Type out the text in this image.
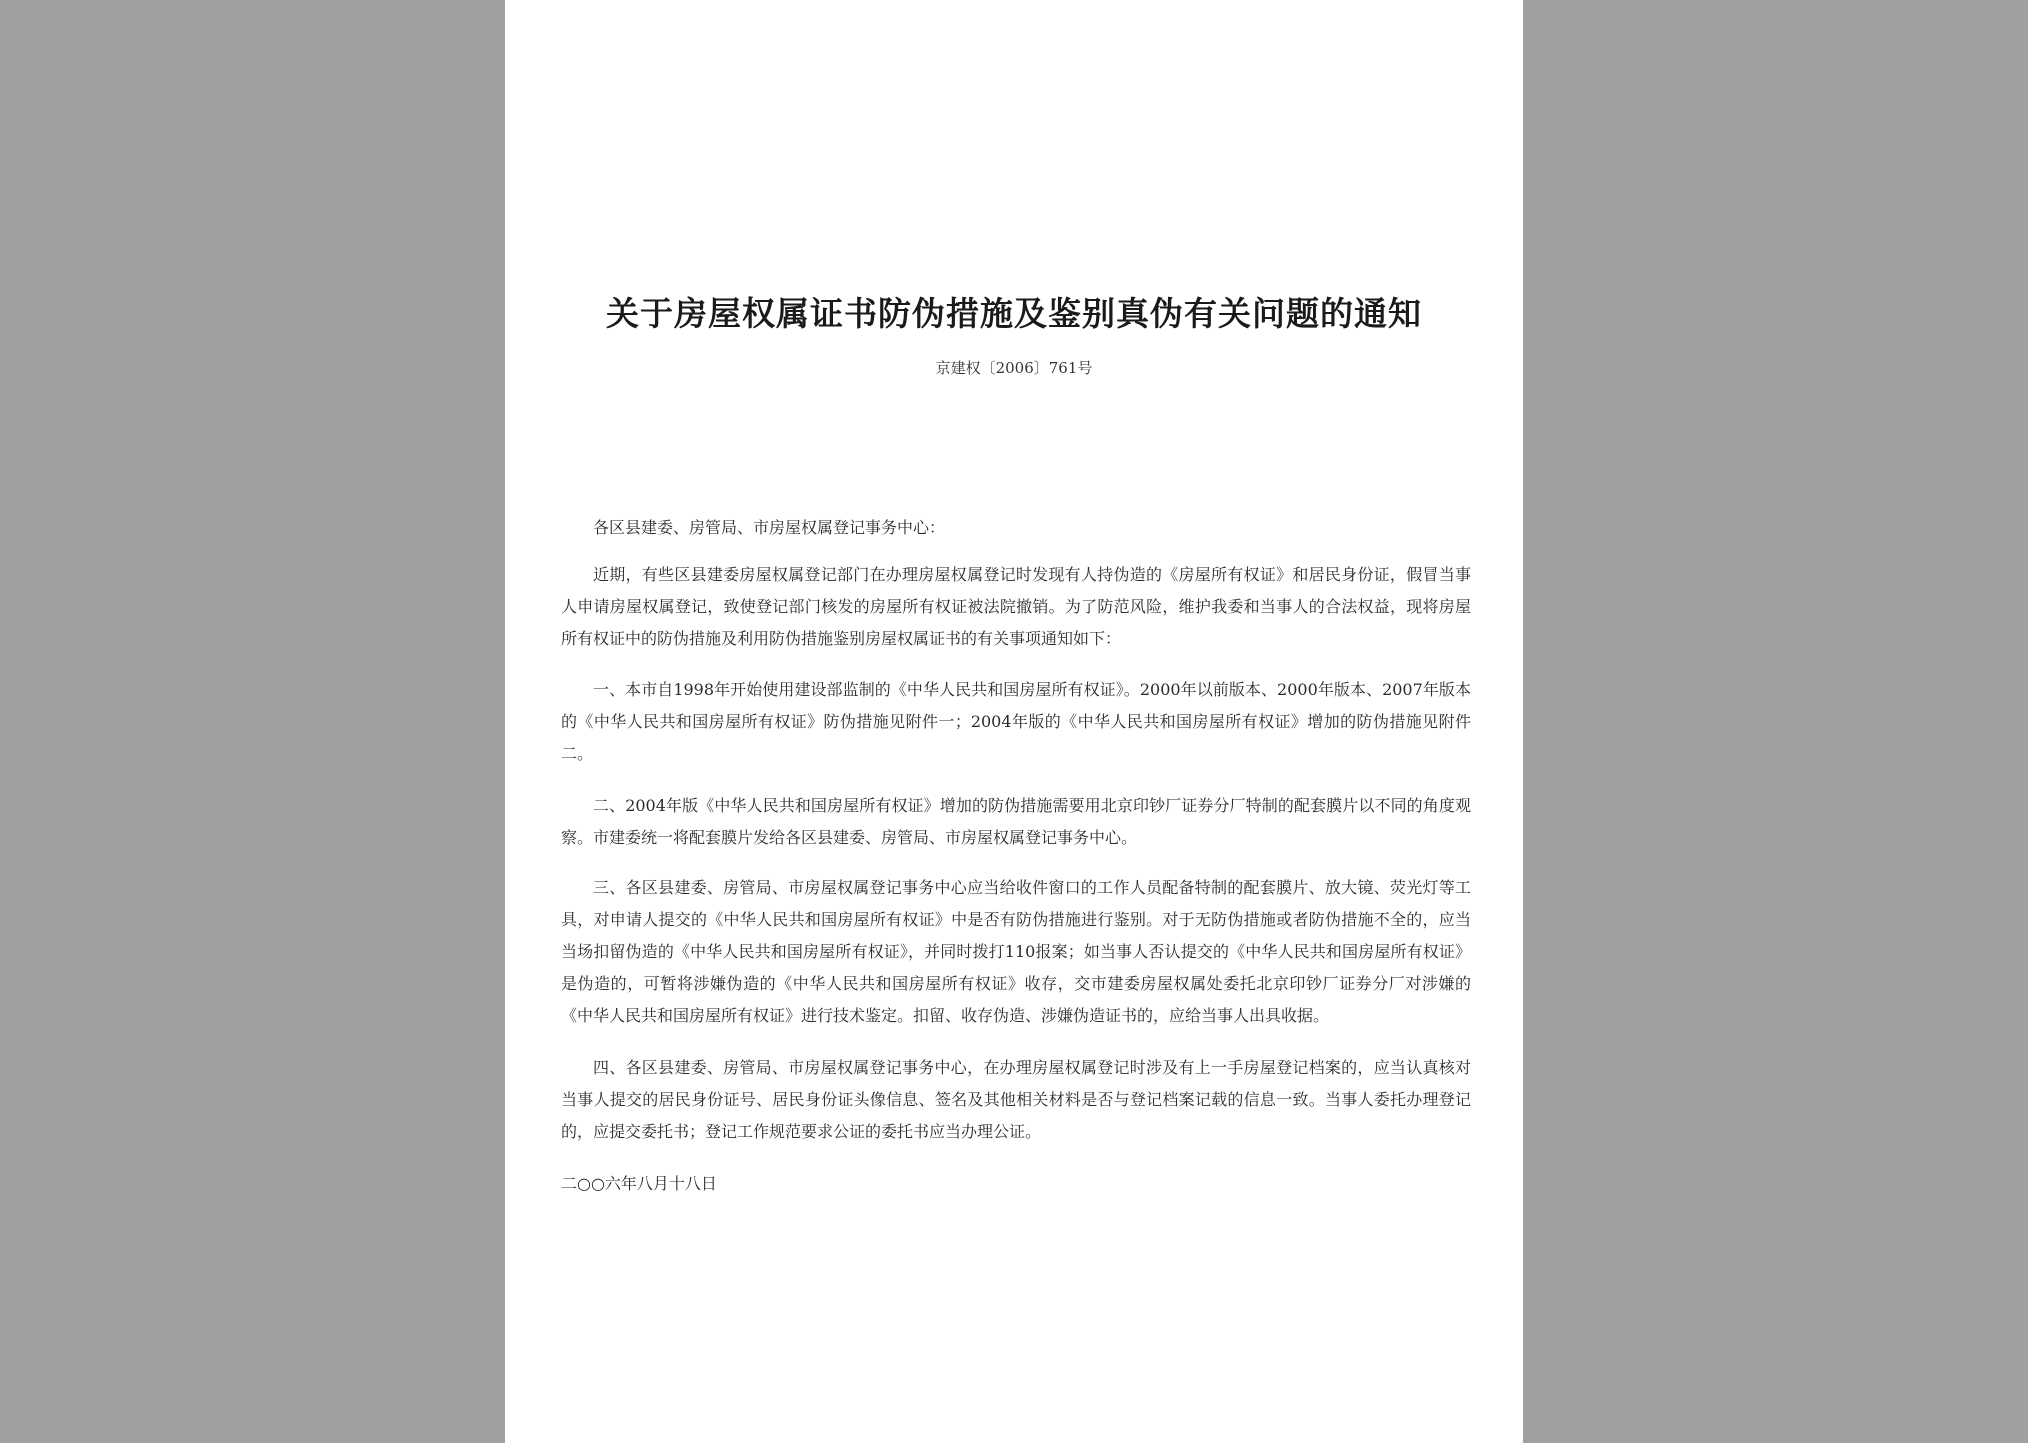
关于房屋权属证书防伪措施及鉴别真伪有关问题的通知
京建权〔2006〕761号
各区县建委、房管局、市房屋权属登记事务中心：
近期，有些区县建委房屋权属登记部门在办理房屋权属登记时发现有人持伪造的《房屋所有权证》和居民身份证，假冒当事人申请房屋权属登记，致使登记部门核发的房屋所有权证被法院撤销。为了防范风险，维护我委和当事人的合法权益，现将房屋所有权证中的防伪措施及利用防伪措施鉴别房屋权属证书的有关事项通知如下：
一、本市自1998年开始使用建设部监制的《中华人民共和国房屋所有权证》。2000年以前版本、2000年版本、2007年版本的《中华人民共和国房屋所有权证》防伪措施见附件一；2004年版的《中华人民共和国房屋所有权证》增加的防伪措施见附件二。
二、2004年版《中华人民共和国房屋所有权证》增加的防伪措施需要用北京印钞厂证券分厂特制的配套膜片以不同的角度观察。市建委统一将配套膜片发给各区县建委、房管局、市房屋权属登记事务中心。
三、各区县建委、房管局、市房屋权属登记事务中心应当给收件窗口的工作人员配备特制的配套膜片、放大镜、荧光灯等工具，对申请人提交的《中华人民共和国房屋所有权证》中是否有防伪措施进行鉴别。对于无防伪措施或者防伪措施不全的，应当当场扣留伪造的《中华人民共和国房屋所有权证》，并同时拨打110报案；如当事人否认提交的《中华人民共和国房屋所有权证》是伪造的，可暂将涉嫌伪造的《中华人民共和国房屋所有权证》收存，交市建委房屋权属处委托北京印钞厂证券分厂对涉嫌的《中华人民共和国房屋所有权证》进行技术鉴定。扣留、收存伪造、涉嫌伪造证书的，应给当事人出具收据。
四、各区县建委、房管局、市房屋权属登记事务中心，在办理房屋权属登记时涉及有上一手房屋登记档案的，应当认真核对当事人提交的居民身份证号、居民身份证头像信息、签名及其他相关材料是否与登记档案记载的信息一致。当事人委托办理登记的，应提交委托书；登记工作规范要求公证的委托书应当办理公证。
二○○六年八月十八日
